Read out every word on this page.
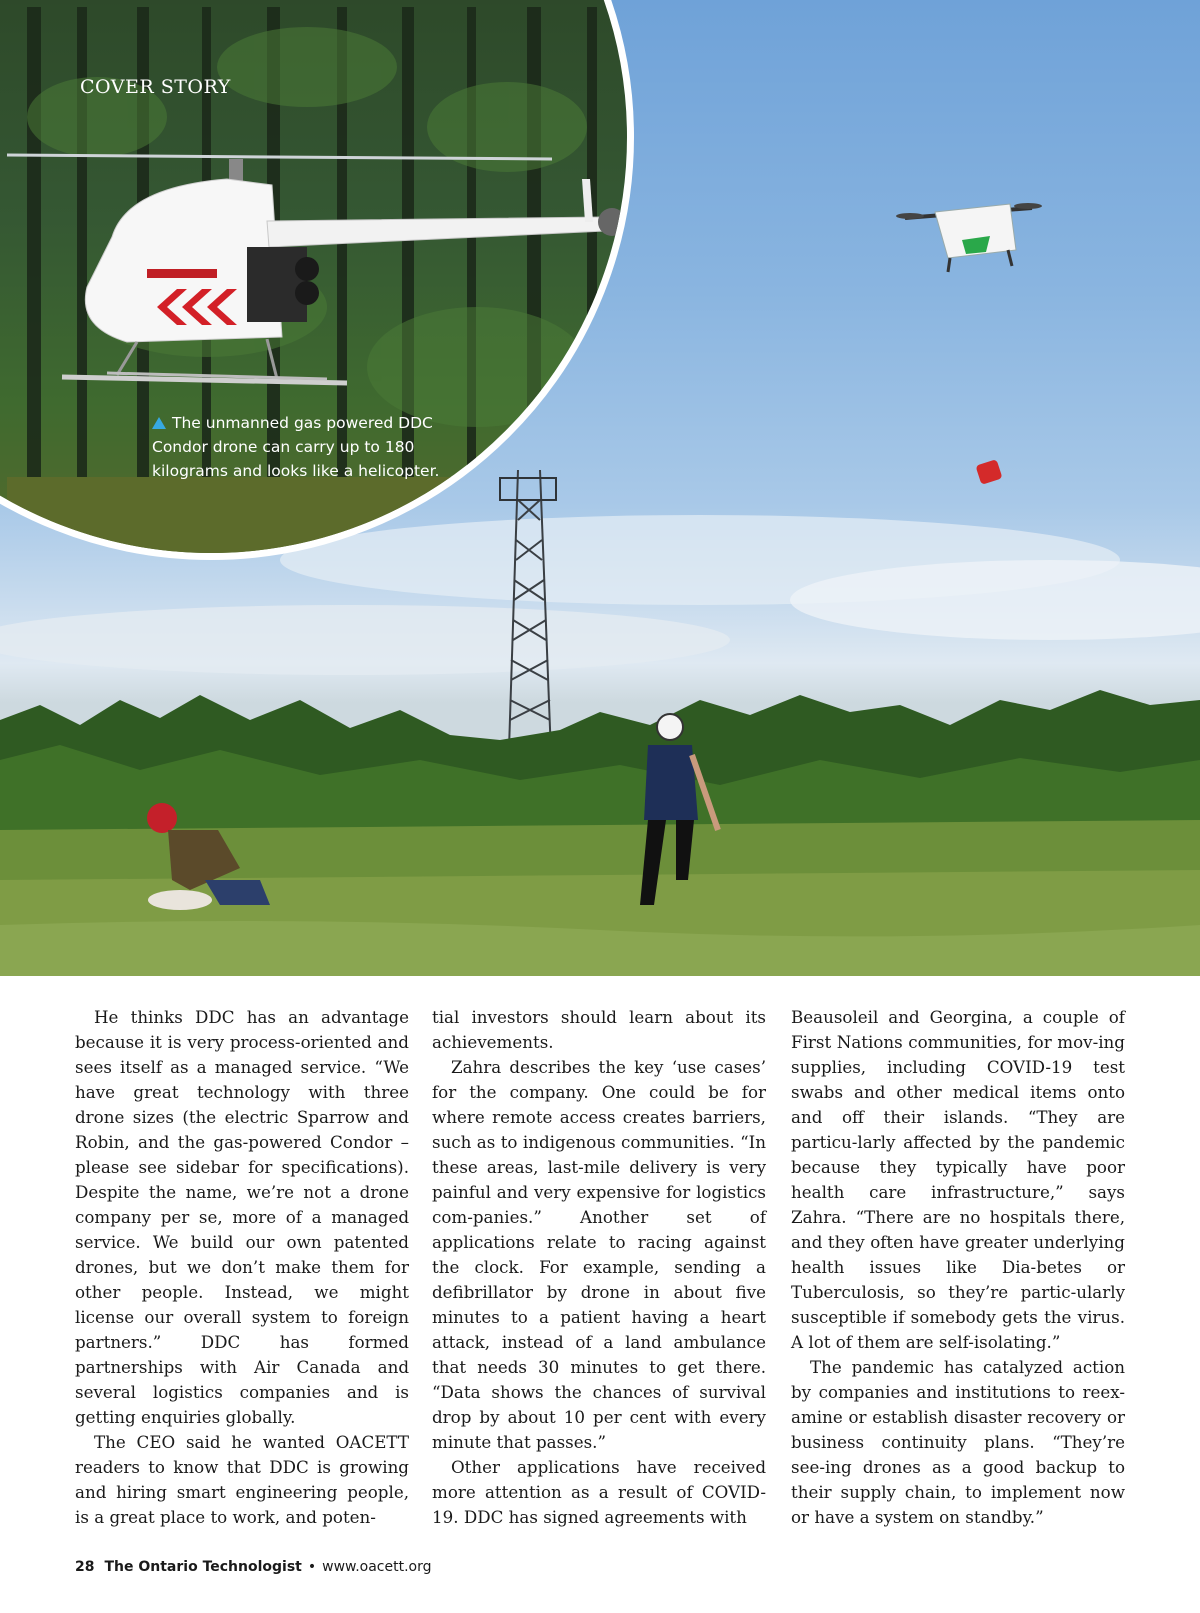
COVER STORY
The unmanned gas powered DDC Condor drone can carry up to 180 kilograms and looks like a helicopter.

He thinks DDC has an advantage because it is very process-oriented and sees itself as a managed service. “We have great technology with three drone sizes (the electric Sparrow and Robin, and the gas-powered Condor – please see sidebar for specifications). Despite the name, we’re not a drone company per se, more of a managed service. We build our own patented drones, but we don’t make them for other people. Instead, we might license our overall system to foreign partners.” DDC has formed partnerships with Air Canada and several logistics companies and is getting enquiries globally.

The CEO said he wanted OACETT readers to know that DDC is growing and hiring smart engineering people, is a great place to work, and poten-

tial investors should learn about its achievements.

Zahra describes the key ‘use cases’ for the company. One could be for where remote access creates barriers, such as to indigenous communities. “In these areas, last-mile delivery is very painful and very expensive for logistics com-panies.” Another set of applications relate to racing against the clock. For example, sending a defibrillator by drone in about five minutes to a patient having a heart attack, instead of a land ambulance that needs 30 minutes to get there. “Data shows the chances of survival drop by about 10 per cent with every minute that passes.”

Other applications have received more attention as a result of COVID-19. DDC has signed agreements with

Beausoleil and Georgina, a couple of First Nations communities, for mov-ing supplies, including COVID-19 test swabs and other medical items onto and off their islands. “They are particu-larly affected by the pandemic because they typically have poor health care infrastructure,” says Zahra. “There are no hospitals there, and they often have greater underlying health issues like Dia-betes or Tuberculosis, so they’re partic-ularly susceptible if somebody gets the virus. A lot of them are self-isolating.”

The pandemic has catalyzed action by companies and institutions to reex-amine or establish disaster recovery or business continuity plans. “They’re see-ing drones as a good backup to their supply chain, to implement now or have a system on standby.”

28 The Ontario Technologist • www.oacett.org
